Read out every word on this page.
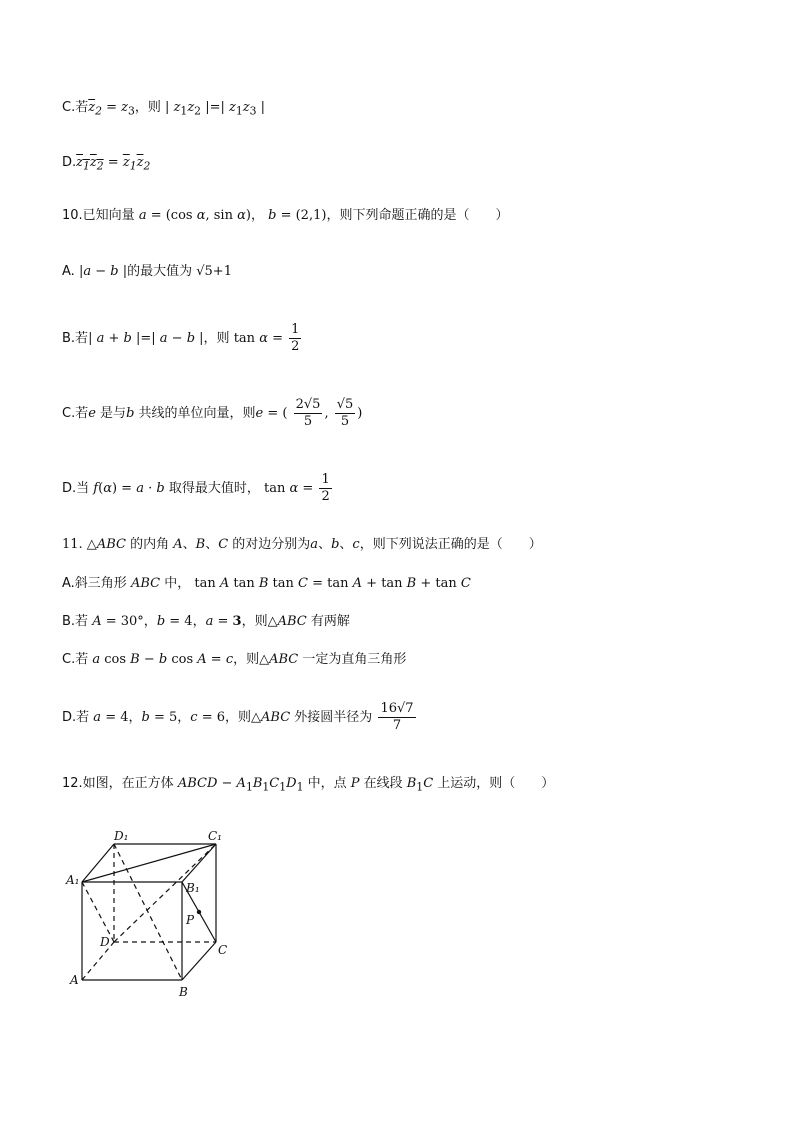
C.若$\overline{z}_2 = z_3$，则 | $z_1z_2$ |=| $z_1z_3$ |
$D.z_1z_2 = \overline{z}_1\overline{z}_2$
10.已知向量 a = (cos α, sin α)， b = (2,1)，则下列命题正确的是（　　）
A. |a − b |的最大值为 √5+1
B.若| a + b |=| a − b |，则 $\tan \alpha = \frac{1}{2}$
C.若e 是与b 共线的单位向量，则e = ( $\frac{2√5}{5}$ , $\frac{√5}{5}$ )
D.当 f(α) = a · b 取得最大值时， $\tan \alpha = \frac{1}{2}$
11. △ABC 的内角 A、B、C 的对边分别为a、b、c，则下列说法正确的是（　　）
A.斜三角形 ABC 中， tan A tan B tan C = tan A + tan B + tan C
B.若 A = 30°，b = 4，a = 3，则△ABC 有两解
C.若 a cos B − b cos A = c，则△ABC 一定为直角三角形
D.若 a = 4，b = 5，c = 6，则△ABC 外接圆半径为 $\frac{16√7}{7}$
12.如图，在正方体 ABCD − $A_1B_1C_1D_1$ 中，点 P 在线段 $B_1C$ 上运动，则（　　）
A₁
A
B
C
D
D₁	C₁
B₁
P
